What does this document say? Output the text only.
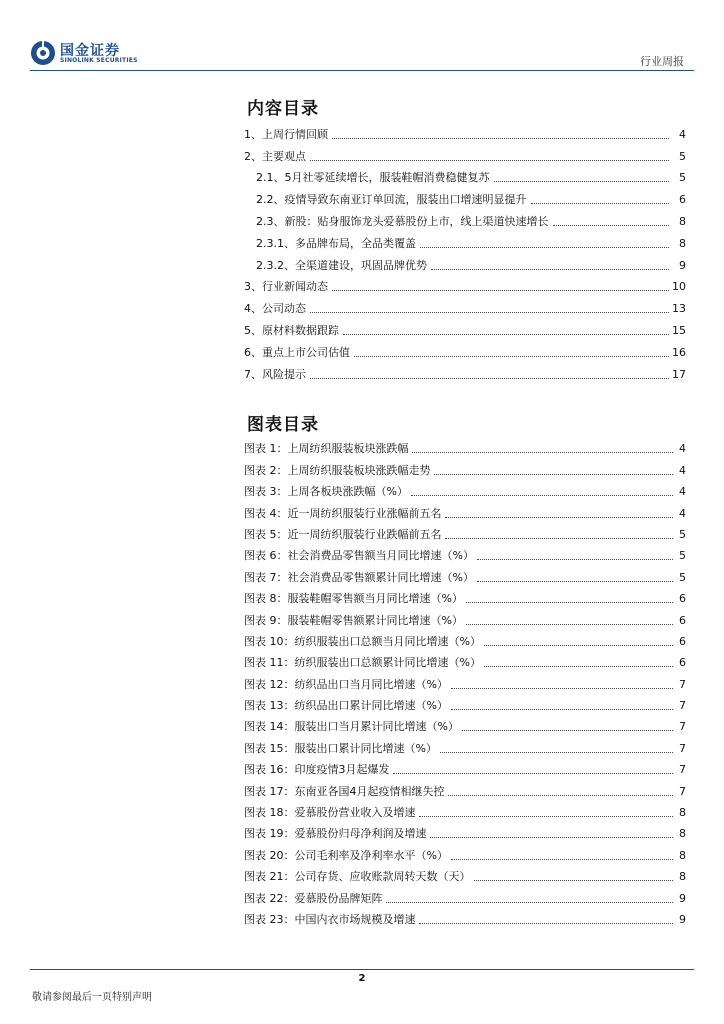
国金证券
SINOLINK SECURITIES	行业周报
内容目录
1、上周行情回顾	4
2、主要观点	5
2.1、5月社零延续增长，服装鞋帽消费稳健复苏	5
2.2、疫情导致东南亚订单回流，服装出口增速明显提升	6
2.3、新股：贴身服饰龙头爱慕股份上市，线上渠道快速增长	8
2.3.1、多品牌布局，全品类覆盖	8
2.3.2、全渠道建设，巩固品牌优势	9
3、行业新闻动态	10
4、公司动态	13
5、原材料数据跟踪	15
6、重点上市公司估值	16
7、风险提示	17
图表目录
图表 1：上周纺织服装板块涨跌幅	4
图表 2：上周纺织服装板块涨跌幅走势	4
图表 3：上周各板块涨跌幅（%）	4
图表 4：近一周纺织服装行业涨幅前五名	4
图表 5：近一周纺织服装行业跌幅前五名	5
图表 6：社会消费品零售额当月同比增速（%）	5
图表 7：社会消费品零售额累计同比增速（%）	5
图表 8：服装鞋帽零售额当月同比增速（%）	6
图表 9：服装鞋帽零售额累计同比增速（%）	6
图表 10：纺织服装出口总额当月同比增速（%）	6
图表 11：纺织服装出口总额累计同比增速（%）	6
图表 12：纺织品出口当月同比增速（%）	7
图表 13：纺织品出口累计同比增速（%）	7
图表 14：服装出口当月累计同比增速（%）	7
图表 15：服装出口累计同比增速（%）	7
图表 16：印度疫情3月起爆发	7
图表 17：东南亚各国4月起疫情相继失控	7
图表 18：爱慕股份营业收入及增速	8
图表 19：爱慕股份归母净利润及增速	8
图表 20：公司毛利率及净利率水平（%）	8
图表 21：公司存货、应收账款周转天数（天）	8
图表 22：爱慕股份品牌矩阵	9
图表 23：中国内衣市场规模及增速	9
2
敬请参阅最后一页特别声明
